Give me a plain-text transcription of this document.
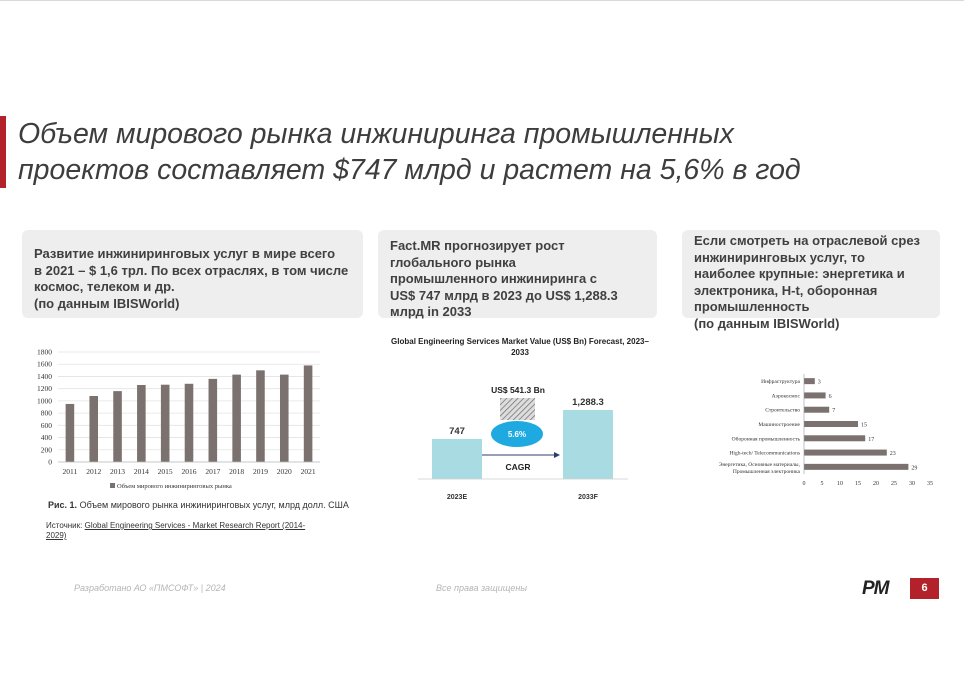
Объем мирового рынка инжиниринга промышленных
проектов составляет $747 млрд и растет на 5,6% в год
Развитие инжиниринговых услуг в мире всего
в 2021 – $ 1,6 трл. По всех отраслях, в том числе
космос, телеком и др.
(по данным IBISWorld)
Fact.MR прогнозирует рост
глобального рынка
промышленного инжиниринга с
US$ 747 млрд в 2023 до US$ 1,288.3
млрд in 2033
Если смотреть на отраслевой срез
инжиниринговых услуг, то
наиболее крупные: энергетика и
электроника, H-t, оборонная
промышленность
(по данным IBISWorld)
0
200
400
600
800
1000
1200
1400
1600
1800
2011 2012 2013 2014 2015 2016 2017 2018 2019 2020 2021
Объем мирового инжиниринговых рынка
Global Engineering Services Market Value (US$ Bn) Forecast, 2023–
2033
747
2023E
1,288.3
2033F
US$ 541.3 Bn
5.6%
CAGR
3
Инфраструктура
6
Аэрокосмос
7
Строительство
15
Машиностроение
17
Оборонная промышленность
23
High-tech/ Telecommunications
29
Энергетика, Основные материалы,
Промышленная электроника
0	5 10 15 20 25 30 35
Рис. 1. Объем мирового рынка инжиниринговых услуг, млрд долл. США
Источник: Global Engineering Services - Market Research Report (2014-2029)
Разработано АО «ПМСОФТ» | 2024	Все права защищены	PM	6
